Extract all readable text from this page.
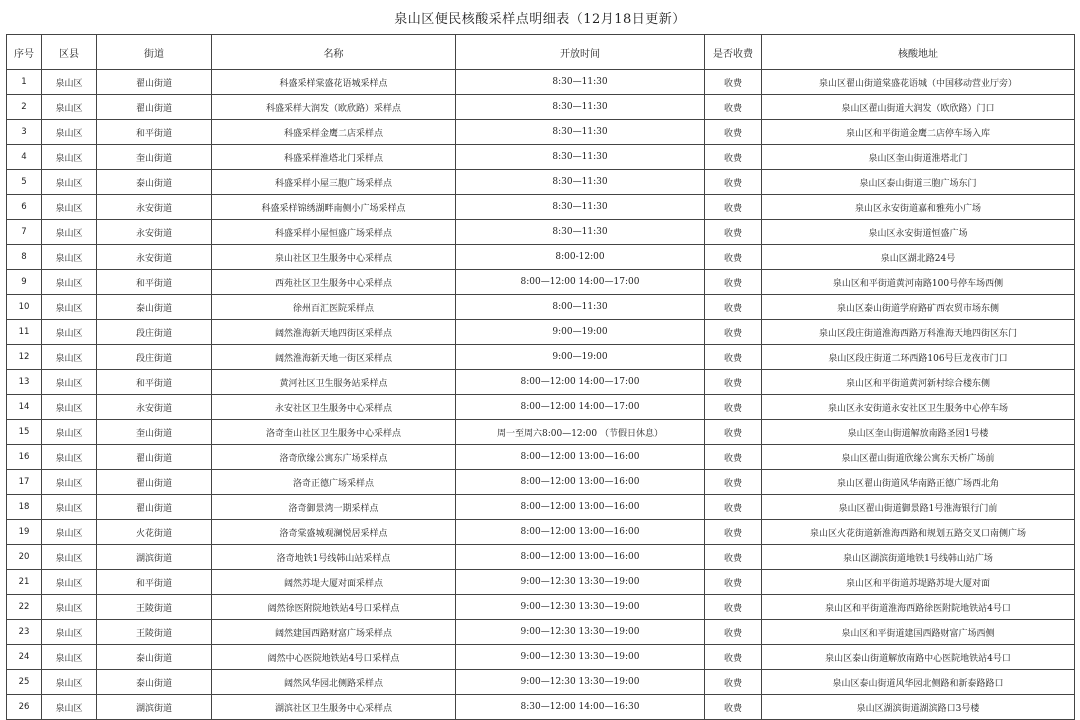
泉山区便民核酸采样点明细表（12月18日更新）
序号	区县	街道	名称	开放时间	是否收费	核酸地址
1	泉山区	翟山街道	科盛采样棠盛花语城采样点	8:30—11:30	收费	泉山区翟山街道棠盛花语城（中国移动营业厅旁）
2	泉山区	翟山街道	科盛采样大润发（欧欣路）采样点	8:30—11:30	收费	泉山区翟山街道大润发（欧欣路）门口
3	泉山区	和平街道	科盛采样金鹰二店采样点	8:30—11:30	收费	泉山区和平街道金鹰二店停车场入库
4	泉山区	奎山街道	科盛采样淮塔北门采样点	8:30—11:30	收费	泉山区奎山街道淮塔北门
5	泉山区	泰山街道	科盛采样小屋三胞广场采样点	8:30—11:30	收费	泉山区泰山街道三胞广场东门
6	泉山区	永安街道	科盛采样锦绣湖畔南侧小广场采样点	8:30—11:30	收费	泉山区永安街道嘉和雅苑小广场
7	泉山区	永安街道	科盛采样小屋恒盛广场采样点	8:30—11:30	收费	泉山区永安街道恒盛广场
8	泉山区	永安街道	泉山社区卫生服务中心采样点	8:00-12:00	收费	泉山区湖北路24号
9	泉山区	和平街道	西苑社区卫生服务中心采样点	8:00—12:00 14:00—17:00	收费	泉山区和平街道黄河南路100号停车场西侧
10	泉山区	泰山街道	徐州百汇医院采样点	8:00—11:30	收费	泉山区泰山街道学府路矿西农贸市场东侧
11	泉山区	段庄街道	阔然淮海新天地四街区采样点	9:00—19:00	收费	泉山区段庄街道淮海西路万科淮海天地四街区东门
12	泉山区	段庄街道	阔然淮海新天地一街区采样点	9:00—19:00	收费	泉山区段庄街道二环西路106号巨龙夜市门口
13	泉山区	和平街道	黄河社区卫生服务站采样点	8:00—12:00 14:00—17:00	收费	泉山区和平街道黄河新村综合楼东侧
14	泉山区	永安街道	永安社区卫生服务中心采样点	8:00—12:00 14:00—17:00	收费	泉山区永安街道永安社区卫生服务中心停车场
15	泉山区	奎山街道	洛奇奎山社区卫生服务中心采样点	周一至周六8:00—12:00 （节假日休息）	收费	泉山区奎山街道解放南路圣园1号楼
16	泉山区	翟山街道	洛奇欣缘公寓东广场采样点	8:00—12:00 13:00—16:00	收费	泉山区翟山街道欣缘公寓东天桥广场前
17	泉山区	翟山街道	洛奇正德广场采样点	8:00—12:00 13:00—16:00	收费	泉山区翟山街道风华南路正德广场西北角
18	泉山区	翟山街道	洛奇御景湾一期采样点	8:00—12:00 13:00—16:00	收费	泉山区翟山街道御景路1号淮海银行门前
19	泉山区	火花街道	洛奇棠盛城观澜悦居采样点	8:00—12:00 13:00—16:00	收费	泉山区火花街道新淮海西路和规划五路交叉口南侧广场
20	泉山区	湖滨街道	洛奇地铁1号线韩山站采样点	8:00—12:00 13:00—16:00	收费	泉山区湖滨街道地铁1号线韩山站广场
21	泉山区	和平街道	阔然苏堤大厦对面采样点	9:00—12:30 13:30—19:00	收费	泉山区和平街道苏堤路苏堤大厦对面
22	泉山区	王陵街道	阔然徐医附院地铁站4号口采样点	9:00—12:30 13:30—19:00	收费	泉山区和平街道淮海西路徐医附院地铁站4号口
23	泉山区	王陵街道	阔然建国西路财富广场采样点	9:00—12:30 13:30—19:00	收费	泉山区和平街道建国西路财富广场西侧
24	泉山区	泰山街道	阔然中心医院地铁站4号口采样点	9:00—12:30 13:30—19:00	收费	泉山区泰山街道解放南路中心医院地铁站4号口
25	泉山区	泰山街道	阔然风华园北侧路采样点	9:00—12:30 13:30—19:00	收费	泉山区泰山街道风华园北侧路和新泰路路口
26	泉山区	湖滨街道	湖滨社区卫生服务中心采样点	8:30—12:00 14:00—16:30	收费	泉山区湖滨街道湖滨路口3号楼
